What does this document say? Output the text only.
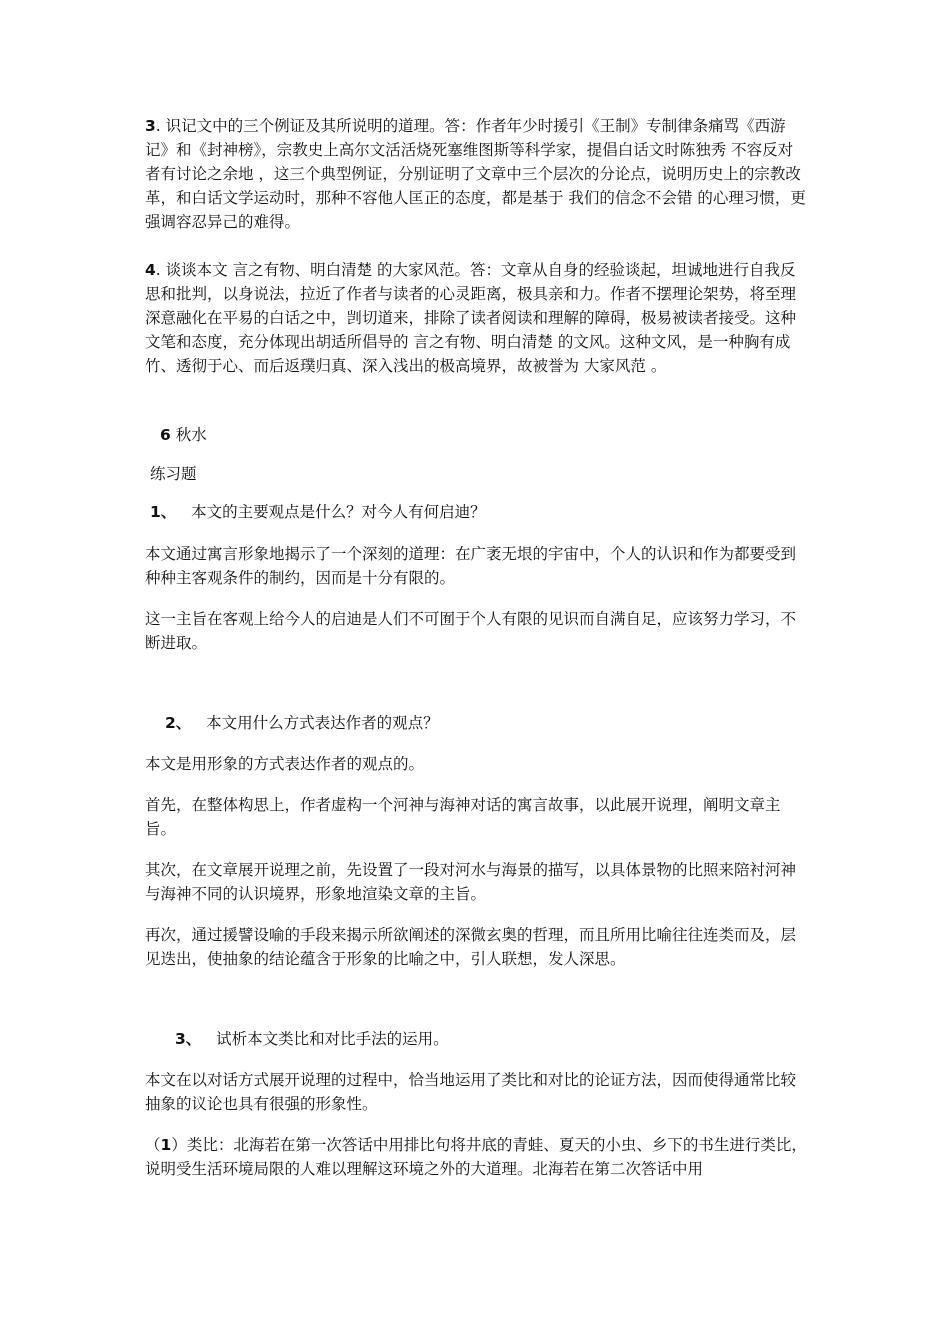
3. 识记文中的三个例证及其所说明的道理。答：作者年少时援引《王制》专制律条痛骂《西游记》和《封神榜》，宗教史上高尔文活活烧死塞维图斯等科学家，提倡白话文时陈独秀 不容反对者有讨论之余地 ，这三个典型例证，分别证明了文章中三个层次的分论点，说明历史上的宗教改革，和白话文学运动时，那种不容他人匡正的态度，都是基于 我们的信念不会错 的心理习惯，更强调容忍异己的难得。

4. 谈谈本文 言之有物、明白清楚 的大家风范。答：文章从自身的经验谈起，坦诚地进行自我反思和批判，以身说法，拉近了作者与读者的心灵距离，极具亲和力。作者不摆理论架势，将至理深意融化在平易的白话之中，剀切道来，排除了读者阅读和理解的障碍，极易被读者接受。这种文笔和态度，充分体现出胡适所倡导的 言之有物、明白清楚 的文风。这种文风，是一种胸有成竹、透彻于心、而后返璞归真、深入浅出的极高境界，故被誉为 大家风范 。

6 秋水

练习题

1、 本文的主要观点是什么？对今人有何启迪？

本文通过寓言形象地揭示了一个深刻的道理：在广袤无垠的宇宙中，个人的认识和作为都要受到种种主客观条件的制约，因而是十分有限的。

这一主旨在客观上给今人的启迪是人们不可囿于个人有限的见识而自满自足，应该努力学习，不断进取。

2、 本文用什么方式表达作者的观点？

本文是用形象的方式表达作者的观点的。

首先，在整体构思上，作者虚构一个河神与海神对话的寓言故事，以此展开说理，阐明文章主旨。

其次，在文章展开说理之前，先设置了一段对河水与海景的描写，以具体景物的比照来陪衬河神与海神不同的认识境界，形象地渲染文章的主旨。

再次，通过援譬设喻的手段来揭示所欲阐述的深微玄奥的哲理，而且所用比喻往往连类而及，层见迭出，使抽象的结论蕴含于形象的比喻之中，引人联想，发人深思。

3、 试析本文类比和对比手法的运用。

本文在以对话方式展开说理的过程中，恰当地运用了类比和对比的论证方法，因而使得通常比较抽象的议论也具有很强的形象性。

（1）类比：北海若在第一次答话中用排比句将井底的青蛙、夏天的小虫、乡下的书生进行类比，说明受生活环境局限的人难以理解这环境之外的大道理。北海若在第二次答话中用
